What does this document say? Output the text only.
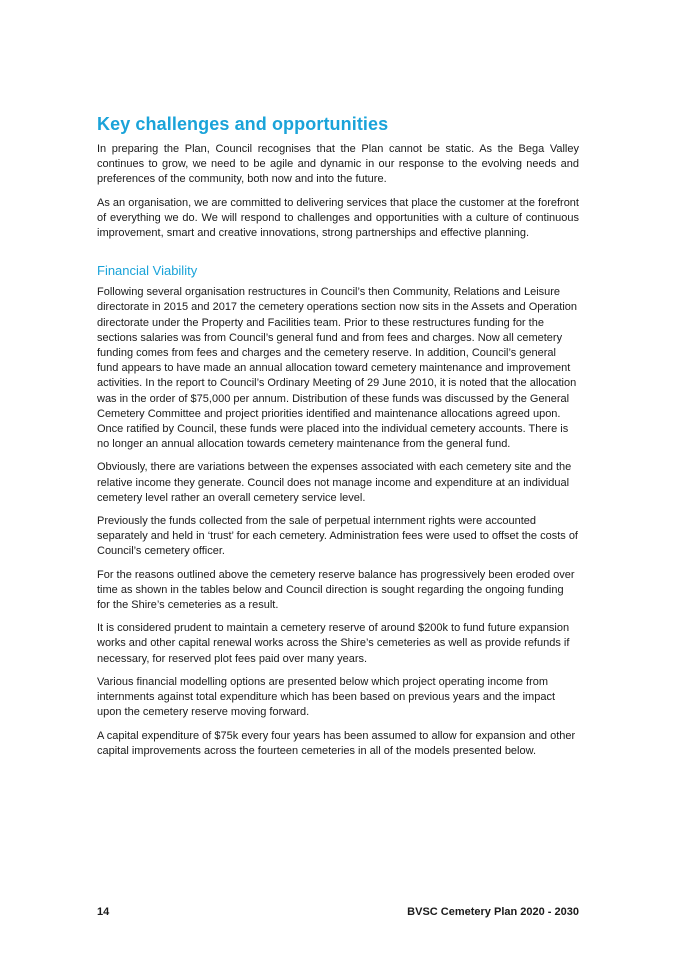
Key challenges and opportunities

In preparing the Plan, Council recognises that the Plan cannot be static. As the Bega Valley continues to grow, we need to be agile and dynamic in our response to the evolving needs and preferences of the community, both now and into the future.

As an organisation, we are committed to delivering services that place the customer at the forefront of everything we do. We will respond to challenges and opportunities with a culture of continuous improvement, smart and creative innovations, strong partnerships and effective planning.

Financial Viability

Following several organisation restructures in Council’s then Community, Relations and Leisure directorate in 2015 and 2017 the cemetery operations section now sits in the Assets and Operation directorate under the Property and Facilities team. Prior to these restructures funding for the sections salaries was from Council’s general fund and from fees and charges. Now all cemetery funding comes from fees and charges and the cemetery reserve. In addition, Council’s general fund appears to have made an annual allocation toward cemetery maintenance and improvement activities. In the report to Council’s Ordinary Meeting of 29 June 2010, it is noted that the allocation was in the order of $75,000 per annum. Distribution of these funds was discussed by the General Cemetery Committee and project priorities identified and maintenance allocations agreed upon. Once ratified by Council, these funds were placed into the individual cemetery accounts. There is no longer an annual allocation towards cemetery maintenance from the general fund.

Obviously, there are variations between the expenses associated with each cemetery site and the relative income they generate. Council does not manage income and expenditure at an individual cemetery level rather an overall cemetery service level.

Previously the funds collected from the sale of perpetual internment rights were accounted separately and held in ‘trust’ for each cemetery. Administration fees were used to offset the costs of Council’s cemetery officer.

For the reasons outlined above the cemetery reserve balance has progressively been eroded over time as shown in the tables below and Council direction is sought regarding the ongoing funding for the Shire’s cemeteries as a result.

It is considered prudent to maintain a cemetery reserve of around $200k to fund future expansion works and other capital renewal works across the Shire’s cemeteries as well as provide refunds if necessary, for reserved plot fees paid over many years.

Various financial modelling options are presented below which project operating income from internments against total expenditure which has been based on previous years and the impact upon the cemetery reserve moving forward.

A capital expenditure of $75k every four years has been assumed to allow for expansion and other capital improvements across the fourteen cemeteries in all of the models presented below.

14	BVSC Cemetery Plan 2020 - 2030
